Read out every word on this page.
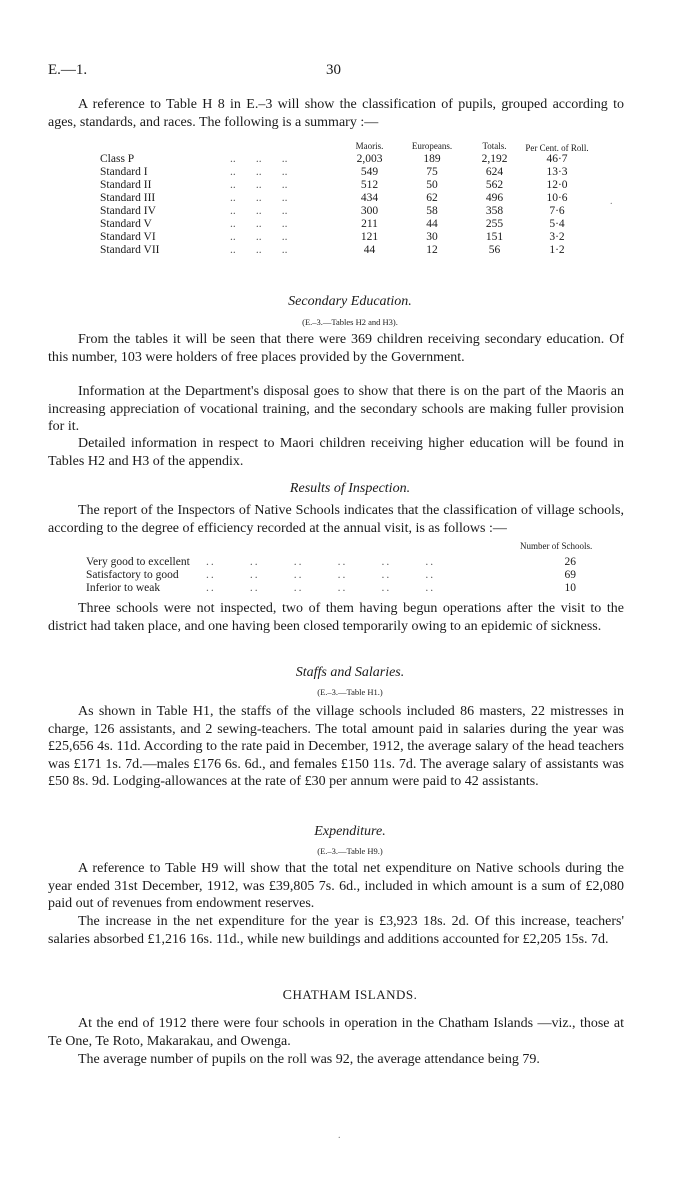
E.—1.	30

A reference to Table H 8 in E.–3 will show the classification of pupils, grouped according to ages, standards, and races. The following is a summary :—

		Maoris.	Europeans.	Totals.	Per Cent. of Roll.
Class P	..       ..       ..	2,003	189	2,192	46·7
Standard I	..       ..       ..	549	75	624	13·3
Standard II	..       ..       ..	512	50	562	12·0
Standard III	..       ..       ..	434	62	496	10·6
Standard IV	..       ..       ..	300	58	358	7·6
Standard V	..       ..       ..	211	44	255	5·4
Standard VI	..       ..       ..	121	30	151	3·2
Standard VII	..       ..       ..	44	12	56	1·2
.
Secondary Education.
(E.–3.—Tables H2 and H3).

From the tables it will be seen that there were 369 children receiving secondary education. Of this number, 103 were holders of free places provided by the Government.

Information at the Department's disposal goes to show that there is on the part of the Maoris an increasing appreciation of vocational training, and the secondary schools are making fuller provision for it.

Detailed information in respect to Maori children receiving higher education will be found in Tables H2 and H3 of the appendix.

Results of Inspection.

The report of the Inspectors of Native Schools indicates that the classification of village schools, according to the degree of efficiency recorded at the annual visit, is as follows :—

Number of Schools.
Very good to excellent	..       ..       ..       ..       ..       ..	26
Satisfactory to good	..       ..       ..       ..       ..       ..	69
Inferior to weak	..       ..       ..       ..       ..       ..	10

Three schools were not inspected, two of them having begun operations after the visit to the district had taken place, and one having been closed temporarily owing to an epidemic of sickness.

Staffs and Salaries.
(E.–3.—Table H1.)

As shown in Table H1, the staffs of the village schools included 86 masters, 22 mistresses in charge, 126 assistants, and 2 sewing-teachers. The total amount paid in salaries during the year was £25,656 4s. 11d. According to the rate paid in December, 1912, the average salary of the head teachers was £171 1s. 7d.—males £176 6s. 6d., and females £150 11s. 7d. The average salary of assistants was £50 8s. 9d. Lodging-allowances at the rate of £30 per annum were paid to 42 assistants.

Expenditure.
(E.–3.—Table H9.)

A reference to Table H9 will show that the total net expenditure on Native schools during the year ended 31st December, 1912, was £39,805 7s. 6d., included in which amount is a sum of £2,080 paid out of revenues from endowment reserves.

The increase in the net expenditure for the year is £3,923 18s. 2d. Of this increase, teachers' salaries absorbed £1,216 16s. 11d., while new buildings and additions accounted for £2,205 15s. 7d.

CHATHAM ISLANDS.

At the end of 1912 there were four schools in operation in the Chatham Islands —viz., those at Te One, Te Roto, Makarakau, and Owenga.

The average number of pupils on the roll was 92, the average attendance being 79.

.
